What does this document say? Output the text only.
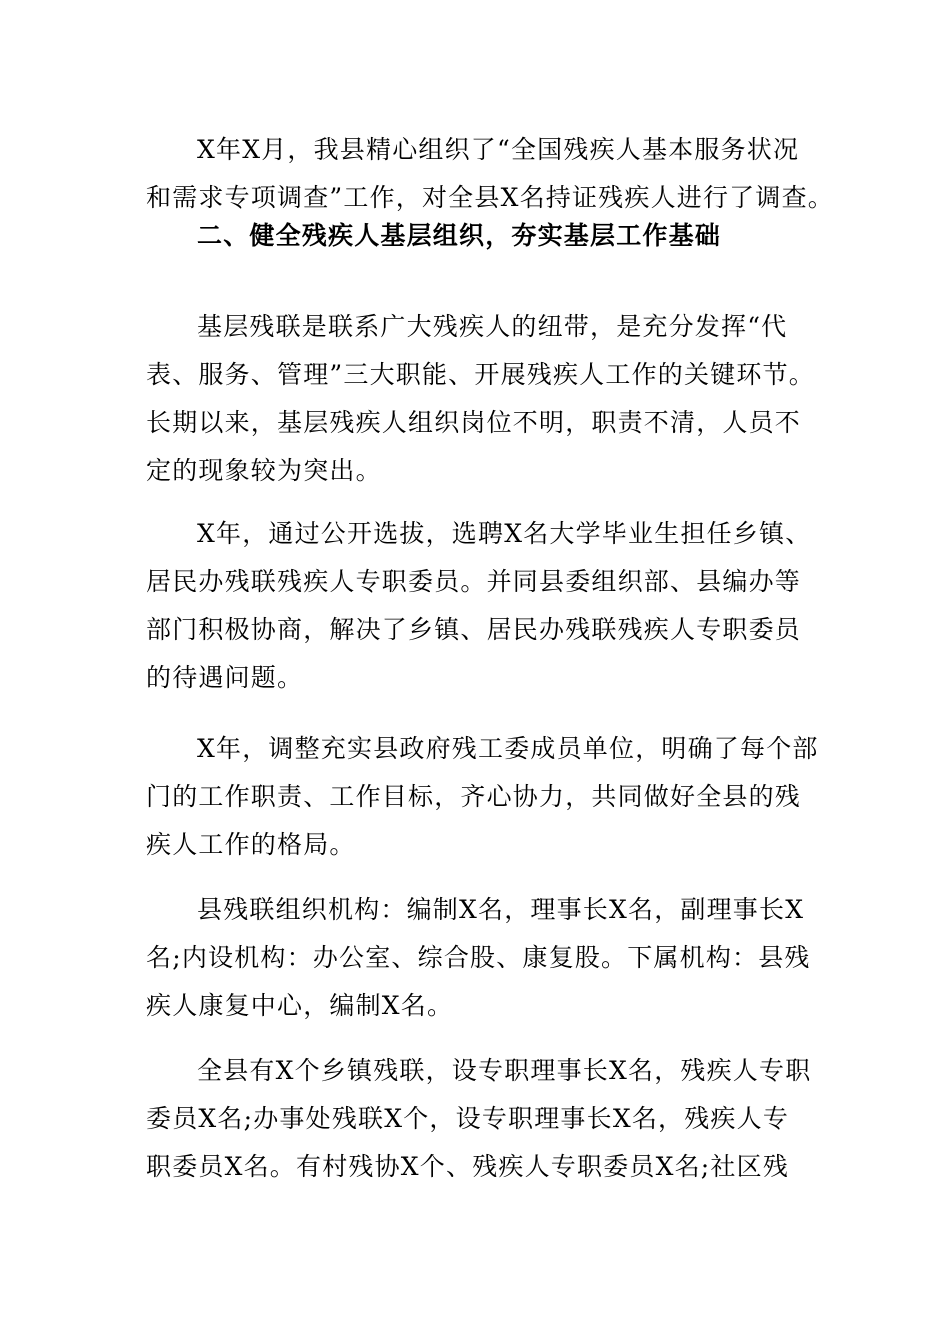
X年X月，我县精心组织了“全国残疾人基本服务状况
和需求专项调查”工作，对全县X名持证残疾人进行了调查。
二、健全残疾人基层组织，夯实基层工作基础
基层残联是联系广大残疾人的纽带，是充分发挥“代
表、服务、管理”三大职能、开展残疾人工作的关键环节。
长期以来，基层残疾人组织岗位不明，职责不清，人员不
定的现象较为突出。
X年，通过公开选拔，选聘X名大学毕业生担任乡镇、
居民办残联残疾人专职委员。并同县委组织部、县编办等
部门积极协商，解决了乡镇、居民办残联残疾人专职委员
的待遇问题。
X年，调整充实县政府残工委成员单位，明确了每个部
门的工作职责、工作目标，齐心协力，共同做好全县的残
疾人工作的格局。
县残联组织机构：编制X名，理事长X名，副理事长X
名;内设机构：办公室、综合股、康复股。下属机构：县残
疾人康复中心，编制X名。
全县有X个乡镇残联，设专职理事长X名，残疾人专职
委员X名;办事处残联X个，设专职理事长X名，残疾人专
职委员X名。有村残协X个、残疾人专职委员X名;社区残
